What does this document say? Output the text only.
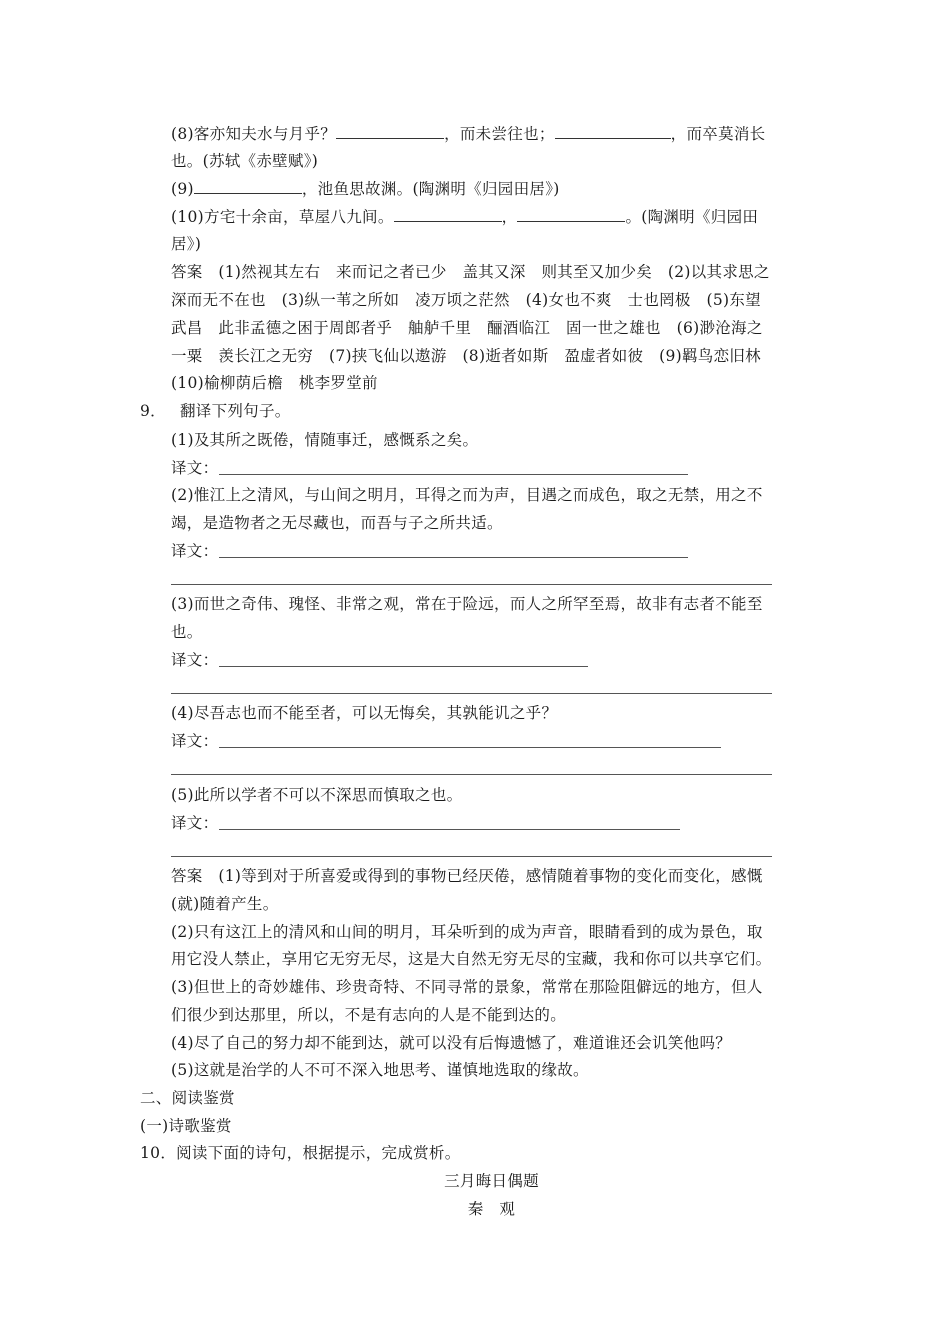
(8)客亦知夫水与月乎？	，而未尝往也；	，而卒莫消长
也。(苏轼《赤壁赋》)
(9)	，池鱼思故渊。(陶渊明《归园田居》)
(10)方宅十余亩，草屋八九间。	，	。(陶渊明《归园田
居》)
答案　(1)然视其左右　来而记之者已少　盖其又深　则其至又加少矣　(2)以其求思之
深而无不在也　(3)纵一苇之所如　凌万顷之茫然　(4)女也不爽　士也罔极　(5)东望
武昌　此非孟德之困于周郎者乎　舳舻千里　酾酒临江　固一世之雄也　(6)渺沧海之
一粟　羡长江之无穷　(7)挟飞仙以遨游　(8)逝者如斯　盈虚者如彼　(9)羁鸟恋旧林
(10)榆柳荫后檐　桃李罗堂前
9． 翻译下列句子。
(1)及其所之既倦，情随事迁，感慨系之矣。
译文：
(2)惟江上之清风，与山间之明月，耳得之而为声，目遇之而成色，取之无禁，用之不
竭，是造物者之无尽藏也，而吾与子之所共适。
译文：
(3)而世之奇伟、瑰怪、非常之观，常在于险远，而人之所罕至焉，故非有志者不能至
也。
译文：
(4)尽吾志也而不能至者，可以无悔矣，其孰能讥之乎？
译文：
(5)此所以学者不可以不深思而慎取之也。
译文：
答案　(1)等到对于所喜爱或得到的事物已经厌倦，感情随着事物的变化而变化，感慨
(就)随着产生。
(2)只有这江上的清风和山间的明月，耳朵听到的成为声音，眼睛看到的成为景色，取
用它没人禁止，享用它无穷无尽，这是大自然无穷无尽的宝藏，我和你可以共享它们。
(3)但世上的奇妙雄伟、珍贵奇特、不同寻常的景象，常常在那险阻僻远的地方，但人
们很少到达那里，所以，不是有志向的人是不能到达的。
(4)尽了自己的努力却不能到达，就可以没有后悔遗憾了，难道谁还会讥笑他吗？
(5)这就是治学的人不可不深入地思考、谨慎地选取的缘故。
二、阅读鉴赏
(一)诗歌鉴赏
10．阅读下面的诗句，根据提示，完成赏析。
三月晦日偶题
秦　观
